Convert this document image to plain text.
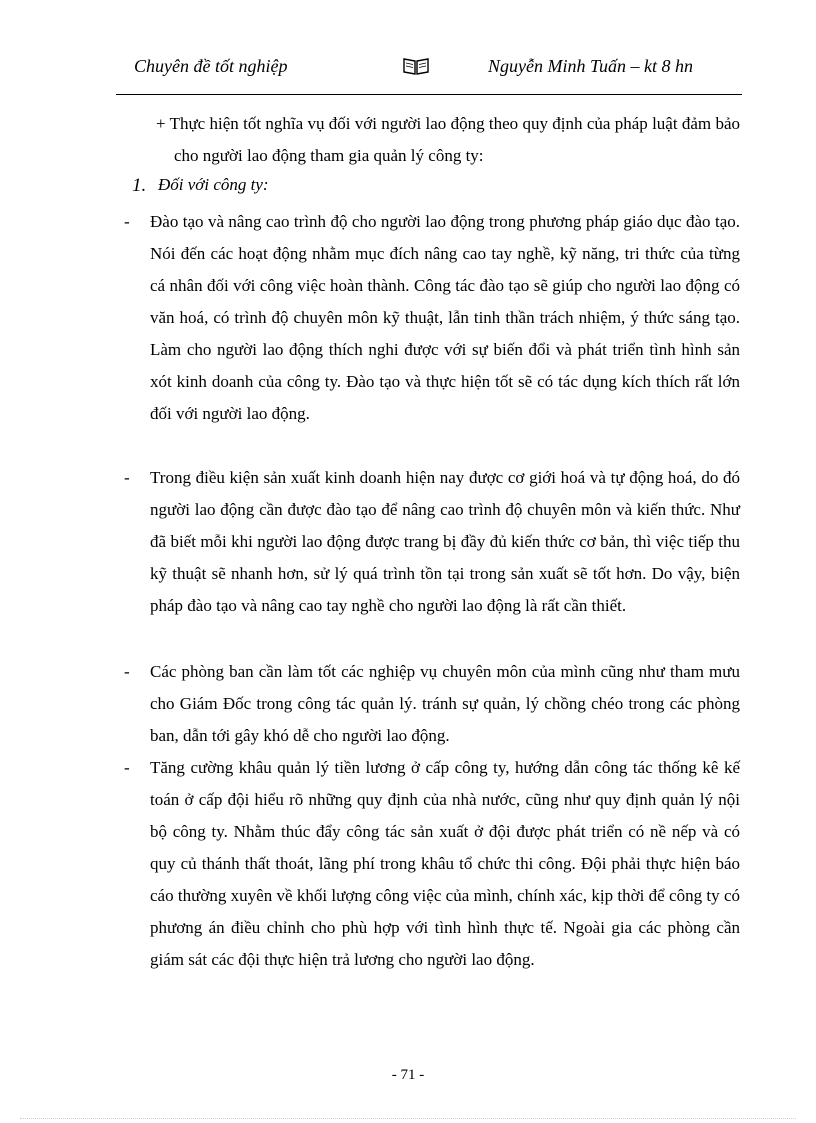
Chuyên đề tốt nghiệp	Nguyễn Minh Tuấn – kt 8 hn
+ Thực hiện tốt nghĩa vụ đối với người lao động theo quy định của pháp luật đảm bảo cho người lao động tham gia quản lý công ty:
1. Đối với công ty:
- Đào tạo và nâng cao trình độ cho người lao động trong phương pháp giáo dục đào tạo. Nói đến các hoạt động nhằm mục đích nâng cao tay nghề, kỹ năng, tri thức của từng cá nhân đối với công việc hoàn thành. Công tác đào tạo sẽ giúp cho người lao động có văn hoá, có trình độ chuyên môn kỹ thuật, lẫn tinh thần trách nhiệm, ý thức sáng tạo. Làm cho người lao động thích nghi được với sự biến đổi và phát triển tình hình sản xót kinh doanh của công ty. Đào tạo và thực hiện tốt sẽ có tác dụng kích thích rất lớn đối với người lao động.
- Trong điều kiện sản xuất kinh doanh hiện nay được cơ giới hoá và tự động hoá, do đó người lao động cần được đào tạo để nâng cao trình độ chuyên môn và kiến thức. Như đã biết mỗi khi người lao động được trang bị đầy đủ kiến thức cơ bản, thì việc tiếp thu kỹ thuật sẽ nhanh hơn, sử lý quá trình tồn tại trong sản xuất sẽ tốt hơn. Do vậy, biện pháp đào tạo và nâng cao tay nghề cho người lao động là rất cần thiết.
- Các phòng ban cần làm tốt các nghiệp vụ chuyên môn của mình cũng như tham mưu cho Giám Đốc trong công tác quản lý. tránh sự quản, lý chồng chéo trong các phòng ban, dẫn tới gây khó dễ cho người lao động.
- Tăng cường khâu quản lý tiền lương ở cấp công ty, hướng dẫn công tác thống kê kế toán ở cấp đội hiểu rõ những quy định của nhà nước, cũng như quy định quản lý nội bộ công ty. Nhằm thúc đẩy công tác sản xuất ở đội được phát triển có nề nếp và có quy củ thánh thất thoát, lãng phí trong khâu tổ chức thi công. Đội phải thực hiện báo cáo thường xuyên về khối lượng công việc của mình, chính xác, kịp thời để công ty có phương án điều chỉnh cho phù hợp với tình hình thực tế. Ngoài gia các phòng cần giám sát các đội thực hiện trả lương cho người lao động.
- 71 -
